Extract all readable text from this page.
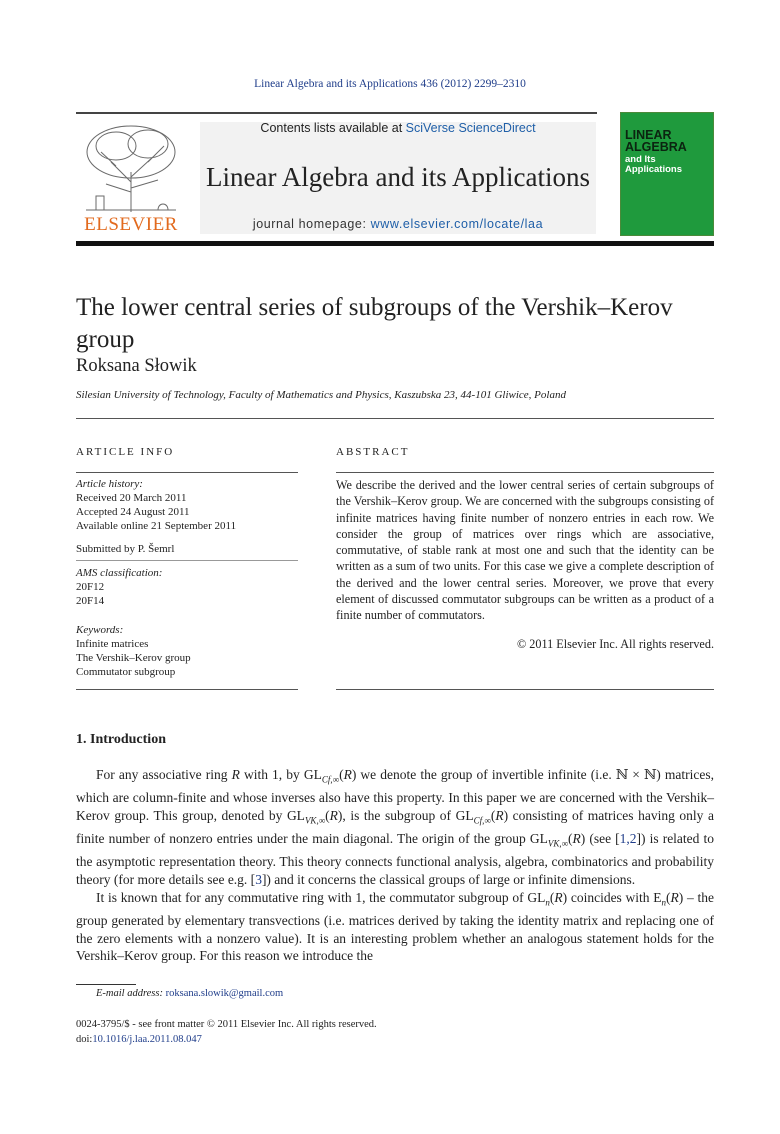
Linear Algebra and its Applications 436 (2012) 2299–2310
Contents lists available at SciVerse ScienceDirect
Linear Algebra and its Applications
journal homepage: www.elsevier.com/locate/laa
ELSEVIER
LINEAR
ALGEBRA
and Its
Applications
The lower central series of subgroups of the Vershik–Kerov group
Roksana Słowik
Silesian University of Technology, Faculty of Mathematics and Physics, Kaszubska 23, 44-101 Gliwice, Poland
ARTICLE INFO
Article history:
Received 20 March 2011
Accepted 24 August 2011
Available online 21 September 2011
Submitted by P. Šemrl
AMS classification:
20F12
20F14
Keywords:
Infinite matrices
The Vershik–Kerov group
Commutator subgroup
ABSTRACT
We describe the derived and the lower central series of certain subgroups of the Vershik–Kerov group. We are concerned with the subgroups consisting of infinite matrices having finite number of nonzero entries in each row. We consider the group of matrices over rings which are associative, commutative, of stable rank at most one and such that the identity can be written as a sum of two units. For this case we give a complete description of the derived and the lower central series. Moreover, we prove that every element of discussed commutator subgroups can be written as a product of a finite number of commutators.
© 2011 Elsevier Inc. All rights reserved.
1. Introduction

For any associative ring R with 1, by $GL_{Cf,\infty}(R)$ we denote the group of invertible infinite (i.e. ℕ × ℕ) matrices, which are column-finite and whose inverses also have this property. In this paper we are concerned with the Vershik–Kerov group. This group, denoted by $GL_{VK,\infty}(R)$, is the subgroup of $GL_{Cf,\infty}(R)$ consisting of matrices having only a finite number of nonzero entries under the main diagonal. The origin of the group $GL_{VK,\infty}(R)$ (see [1,2]) is related to the asymptotic representation theory. This theory connects functional analysis, algebra, combinatorics and probability theory (for more details see e.g. [3]) and it concerns the classical groups of large or infinite dimensions.

It is known that for any commutative ring with 1, the commutator subgroup of $GL_n(R)$ coincides with $E_n(R)$ – the group generated by elementary transvections (i.e. matrices derived by taking the identity matrix and replacing one of the zero elements with a nonzero value). It is an interesting problem whether an analogous statement holds for the Vershik–Kerov group. For this reason we introduce the

E-mail address: roksana.slowik@gmail.com
0024-3795/$ - see front matter © 2011 Elsevier Inc. All rights reserved.
doi:10.1016/j.laa.2011.08.047
